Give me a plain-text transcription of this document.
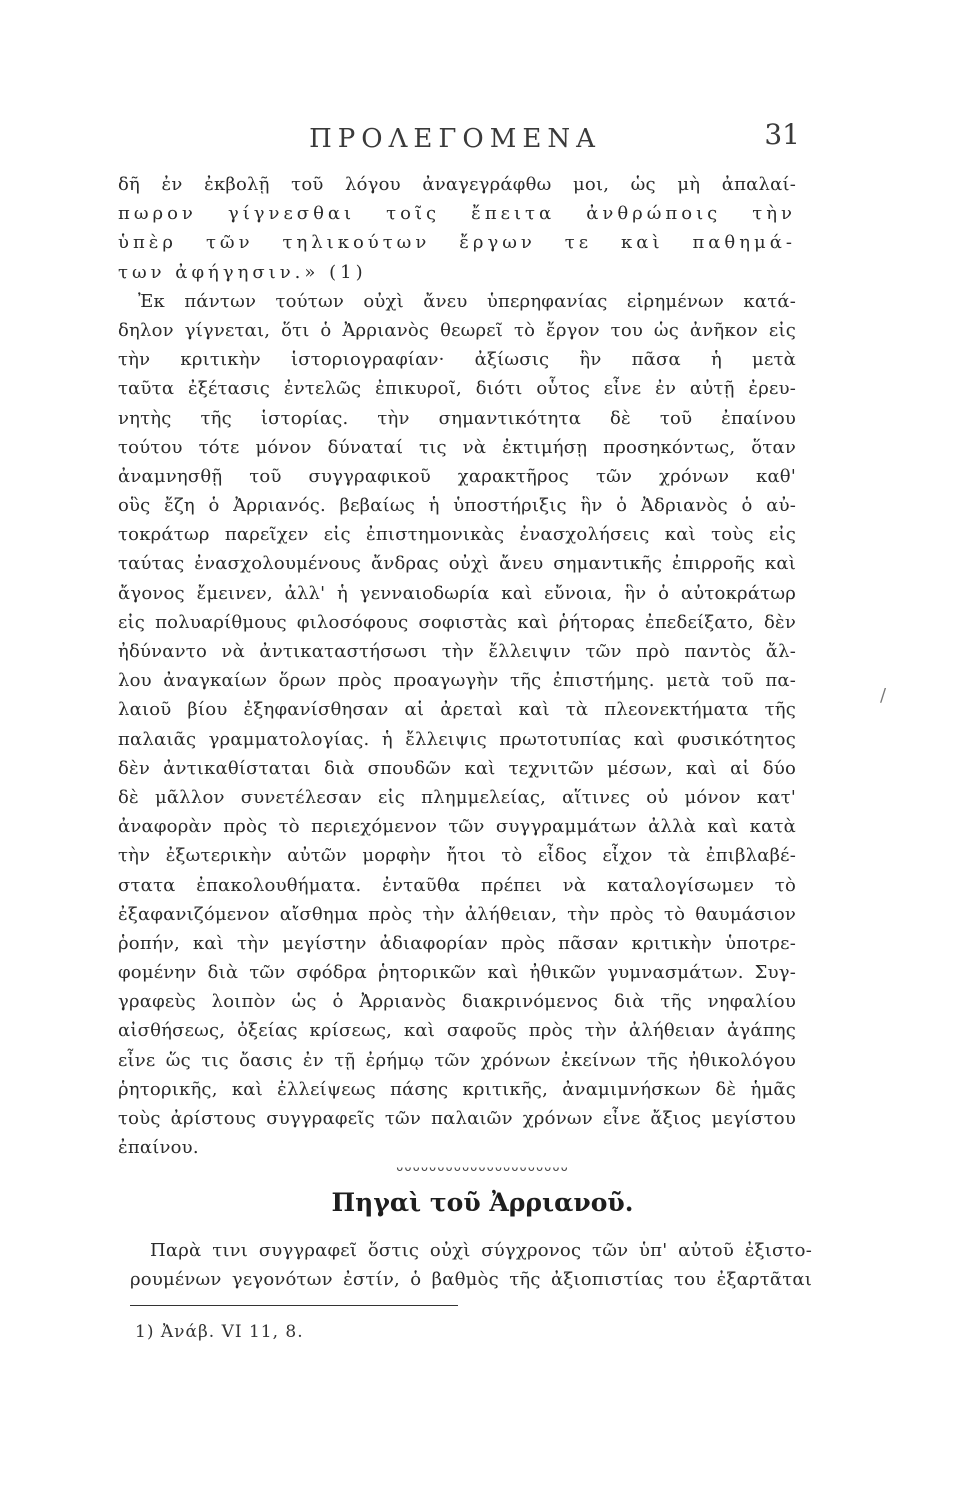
ΠΡΟΛΕΓΟΜΕΝΑ	31
δῆ ἐν ἐκβολῇ τοῦ λόγου ἀναγεγράφθω μοι, ὡς μὴ ἀπαλαί-
πωρον γίγνεσθαι τοῖς ἔπειτα ἀνθρώποις τὴν
ὑπὲρ τῶν τηλικούτων ἔργων τε καὶ παθημά-
των ἀφήγησιν.» (1)
Ἐκ πάντων τούτων οὐχὶ ἄνευ ὑπερηφανίας εἰρημένων κατά-
δηλον γίγνεται, ὅτι ὁ Ἀρριανὸς θεωρεῖ τὸ ἔργον του ὡς ἀνῆκον εἰς
τὴν κριτικὴν ἱστοριογραφίαν· ἀξίωσις ἣν πᾶσα ἡ μετὰ
ταῦτα ἐξέτασις ἐντελῶς ἐπικυροῖ, διότι οὗτος εἶνε ἐν αὐτῇ ἐρευ-
νητὴς τῆς ἱστορίας. τὴν σημαντικότητα δὲ τοῦ ἐπαίνου
τούτου τότε μόνον δύναταί τις νὰ ἐκτιμήσῃ προσηκόντως, ὅταν
ἀναμνησθῇ τοῦ συγγραφικοῦ χαρακτῆρος τῶν χρόνων καθ'
οὓς ἔζη ὁ Ἀρριανός. βεβαίως ἡ ὑποστήριξις ἣν ὁ Ἀδριανὸς ὁ αὐ-
τοκράτωρ παρεῖχεν εἰς ἐπιστημονικὰς ἐνασχολήσεις καὶ τοὺς εἰς
ταύτας ἐνασχολουμένους ἄνδρας οὐχὶ ἄνευ σημαντικῆς ἐπιρροῆς καὶ
ἄγονος ἔμεινεν, ἀλλ' ἡ γενναιοδωρία καὶ εὔνοια, ἣν ὁ αὐτοκράτωρ
εἰς πολυαρίθμους φιλοσόφους σοφιστὰς καὶ ῥήτορας ἐπεδείξατο, δὲν
ἠδύναντο νὰ ἀντικαταστήσωσι τὴν ἔλλειψιν τῶν πρὸ παντὸς ἄλ-
λου ἀναγκαίων ὅρων πρὸς προαγωγὴν τῆς ἐπιστήμης. μετὰ τοῦ πα-
λαιοῦ βίου ἐξηφανίσθησαν αἱ ἀρεταὶ καὶ τὰ πλεονεκτήματα τῆς
παλαιᾶς γραμματολογίας. ἡ ἔλλειψις πρωτοτυπίας καὶ φυσικότητος
δὲν ἀντικαθίσταται διὰ σπουδῶν καὶ τεχνιτῶν μέσων, καὶ αἱ δύο
δὲ μᾶλλον συνετέλεσαν εἰς πλημμελείας, αἵτινες οὐ μόνον κατ'
ἀναφορὰν πρὸς τὸ περιεχόμενον τῶν συγγραμμάτων ἀλλὰ καὶ κατὰ
τὴν ἐξωτερικὴν αὐτῶν μορφὴν ἤτοι τὸ εἶδος εἶχον τὰ ἐπιβλαβέ-
στατα ἐπακολουθήματα. ἐνταῦθα πρέπει νὰ καταλογίσωμεν τὸ
ἐξαφανιζόμενον αἴσθημα πρὸς τὴν ἀλήθειαν, τὴν πρὸς τὸ θαυμάσιον
ῥοπήν, καὶ τὴν μεγίστην ἀδιαφορίαν πρὸς πᾶσαν κριτικὴν ὑποτρε-
φομένην διὰ τῶν σφόδρα ῥητορικῶν καὶ ἠθικῶν γυμνασμάτων. Συγ-
γραφεὺς λοιπὸν ὡς ὁ Ἀρριανὸς διακρινόμενος διὰ τῆς νηφαλίου
αἰσθήσεως, ὀξείας κρίσεως, καὶ σαφοῦς πρὸς τὴν ἀλήθειαν ἀγάπης
εἶνε ὥς τις ὄασις ἐν τῇ ἐρήμῳ τῶν χρόνων ἐκείνων τῆς ἠθικολόγου
ῥητορικῆς, καὶ ἐλλείψεως πάσης κριτικῆς, ἀναμιμνήσκων δὲ ἡμᾶς
τοὺς ἀρίστους συγγραφεῖς τῶν παλαιῶν χρόνων εἶνε ἄξιος μεγίστου
ἐπαίνου.
ᴗᴗᴗᴗᴗᴗᴗᴗᴗᴗᴗᴗᴗᴗᴗᴗᴗᴗᴗᴗᴗ
Πηγαὶ τοῦ Ἀρριανοῦ.
Παρὰ τινι συγγραφεῖ ὅστις οὐχὶ σύγχρονος τῶν ὑπ' αὐτοῦ ἐξιστο-
ρουμένων γεγονότων ἐστίν, ὁ βαθμὸς τῆς ἀξιοπιστίας του ἐξαρτᾶται
1) Ἀνάβ. VI 11, 8.
/
